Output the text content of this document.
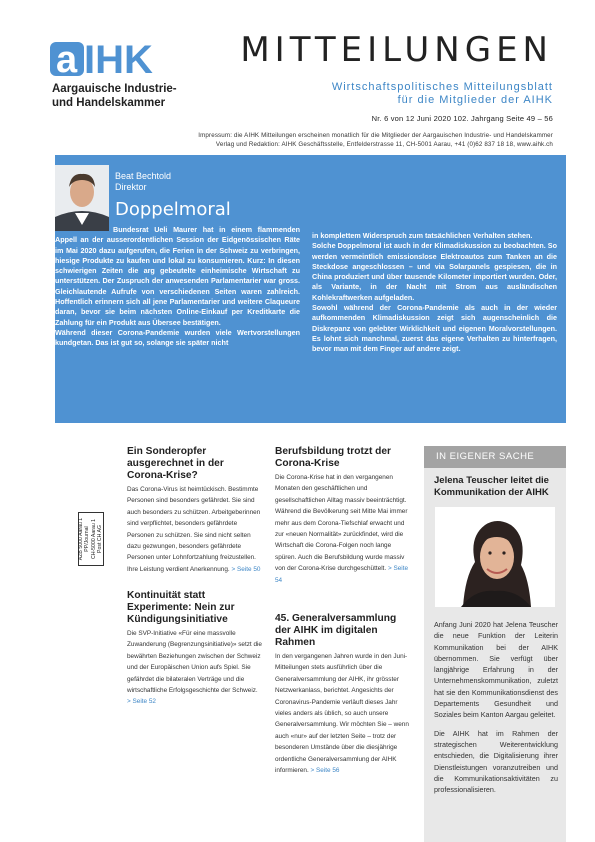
a IHK
Aargauische Industrie-
und Handelskammer
MITTEILUNGEN
Wirtschaftspolitisches Mitteilungsblatt
für die Mitglieder der AIHK
Nr. 6 von 12 Juni 2020 102. Jahrgang Seite 49 – 56
Impressum: die AIHK Mitteilungen erscheinen monatlich für die Mitglieder der Aargauischen Industrie- und Handelskammer
Verlag und Redaktion: AIHK Geschäftsstelle, Entfelderstrasse 11, CH-5001 Aarau, +41 (0)62 837 18 18, www.aihk.ch
Beat Bechtold
Direktor
Doppelmoral

Bundesrat Ueli Maurer hat in einem flammenden Appell an der ausserordentlichen Session der Eidgenössischen Räte im Mai 2020 dazu aufgerufen, die Ferien in der Schweiz zu verbringen, hiesige Produkte zu kaufen und lokal zu konsumieren. Kurz: In diesen schwierigen Zeiten die arg gebeutelte einheimische Wirtschaft zu unterstützen. Der Zuspruch der anwesenden Parlamentarier war gross. Gleichlautende Aufrufe von verschiedenen Seiten waren zahlreich. Hoffentlich erinnern sich all jene Parlamentarier und weitere Claqueure daran, bevor sie beim nächsten Online-Einkauf per Kreditkarte die Zahlung für ein Produkt aus Übersee bestätigen.

Während dieser Corona-Pandemie wurden viele Wertvorstellungen kundgetan. Das ist gut so, solange sie später nicht

in komplettem Widerspruch zum tatsächlichen Verhalten stehen.

Solche Doppelmoral ist auch in der Klimadiskussion zu beobachten. So werden vermeintlich emissionslose Elektroautos zum Tanken an die Steckdose angeschlossen – und via Solarpanels gespiesen, die in China produziert und über tausende Kilometer importiert wurden. Oder, als Variante, in der Nacht mit Strom aus ausländischen Kohlekraftwerken aufgeladen.

Sowohl während der Corona-Pandemie als auch in der wieder aufkommenden Klimadiskussion zeigt sich augenscheinlich die Diskrepanz von gelebter Wirklichkeit und eigenen Moralvorstellungen. Es lohnt sich manchmal, zuerst das eigene Verhalten zu hinterfragen, bevor man mit dem Finger auf andere zeigt.

AZB 5000 Aarau 1 PP/Journal CH-5000 Aarau 1 Post CH AG
Ein Sonderopfer ausgerechnet in der Corona-Krise?

Das Corona-Virus ist heimtückisch. Bestimmte Personen sind besonders gefährdet. Sie sind auch besonders zu schützen. Arbeitgeberinnen sind verpflichtet, besonders gefährdete Personen zu schützen. Sie sind nicht selten dazu gezwungen, besonders gefährdete Personen unter Lohnfortzahlung freizustellen. Ihre Leistung verdient Anerkennung. > Seite 50

Kontinuität statt Experimente: Nein zur Kündigungsinitiative

Die SVP-Initiative «Für eine massvolle Zuwanderung (Begrenzungsinitiative)» setzt die bewährten Beziehungen zwischen der Schweiz und der Europäischen Union aufs Spiel. Sie gefährdet die bilateralen Verträge und die wirtschaftliche Erfolgsgeschichte der Schweiz. > Seite 52

Berufsbildung trotzt der Corona-Krise

Die Corona-Krise hat in den vergangenen Monaten den geschäftlichen und gesellschaftlichen Alltag massiv beeinträchtigt. Während die Bevölkerung seit Mitte Mai immer mehr aus dem Corona-Tiefschlaf erwacht und zur «neuen Normalität» zurückfindet, wird die Wirtschaft die Corona-Folgen noch lange spüren. Auch die Berufsbildung wurde massiv von der Corona-Krise durchgeschüttelt. > Seite 54

45. Generalversammlung der AIHK im digitalen Rahmen

In den vergangenen Jahren wurde in den Juni-Mitteilungen stets ausführlich über die Generalversammlung der AIHK, ihr grösster Netzwerkanlass, berichtet. Angesichts der Coronavirus-Pandemie verläuft dieses Jahr vieles anders als üblich, so auch unsere Generalversammlung. Wir möchten Sie – wenn auch «nur» auf der letzten Seite – trotz der besonderen Umstände über die diesjährige ordentliche Generalversammlung der AIHK informieren. > Seite 56

IN EIGENER SACHE
Jelena Teuscher leitet die Kommunikation der AIHK

Anfang Juni 2020 hat Jelena Teuscher die neue Funktion der Leiterin Kommunikation bei der AIHK übernommen. Sie verfügt über langjährige Erfahrung in der Unternehmenskommunikation, zuletzt hat sie den Kommunikationsdienst des Departements Gesundheit und Soziales beim Kanton Aargau geleitet.

Die AIHK hat im Rahmen der strategischen Weiterentwicklung entschieden, die Digitalisierung ihrer Dienstleistungen voranzutreiben und die Kommunikationsaktivitäten zu professionalisieren.
